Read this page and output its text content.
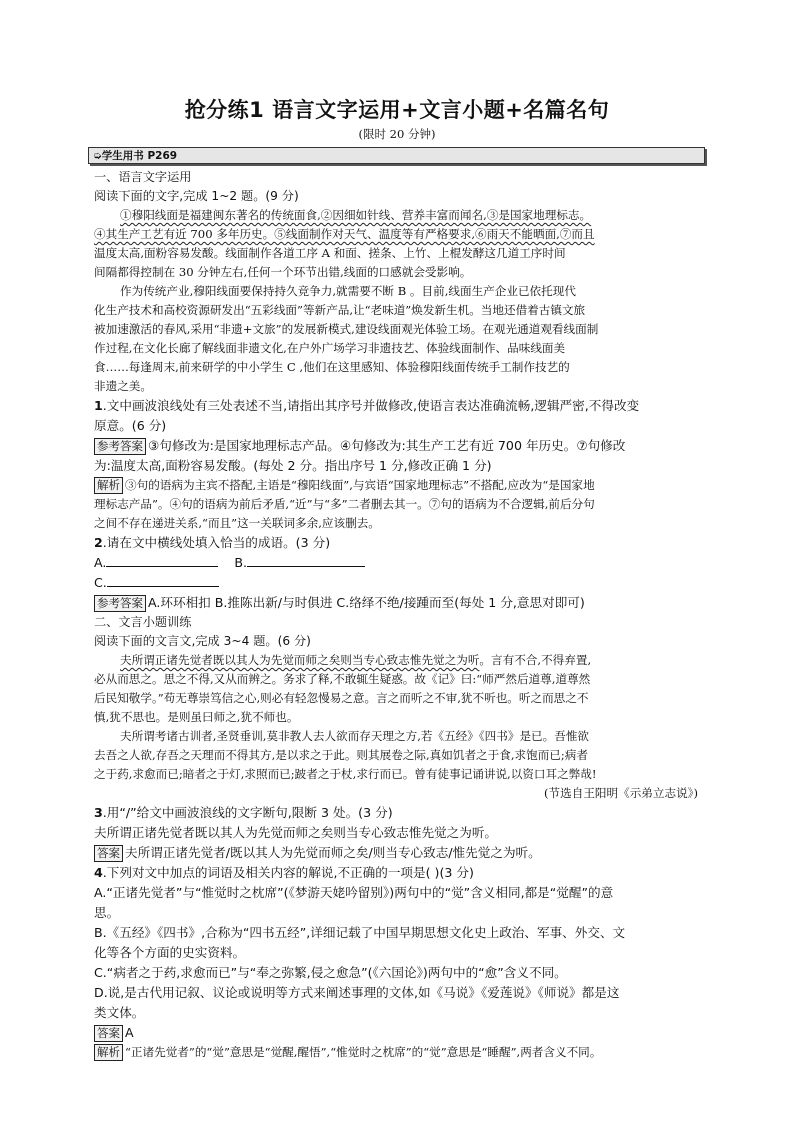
抢分练1 语言文字运用+文言小题+名篇名句
(限时 20 分钟)
➭学生用书 P269
一、语言文字运用
阅读下面的文字,完成 1~2 题。(9 分)
①穆阳线面是福建闽东著名的传统面食,②因细如针线、营养丰富而闻名,③是国家地理标志。
④其生产工艺有近 700 多年历史。⑤线面制作对天气、温度等有严格要求,⑥雨天不能晒面,⑦而且
温度太高,面粉容易发酸。线面制作各道工序 A 和面、搓条、上竹、上棍发酵这几道工序时间
间隔都得控制在 30 分钟左右,任何一个环节出错,线面的口感就会受影响。
作为传统产业,穆阳线面要保持持久竞争力,就需要不断 B 。目前,线面生产企业已依托现代
化生产技术和高校资源研发出“五彩线面”等新产品,让“老味道”焕发新生机。当地还借着古镇文旅
被加速激活的春风,采用“非遗+文旅”的发展新模式,建设线面观光体验工场。在观光通道观看线面制
作过程,在文化长廊了解线面非遗文化,在户外广场学习非遗技艺、体验线面制作、品味线面美
食……每逢周末,前来研学的中小学生 C ,他们在这里感知、体验穆阳线面传统手工制作技艺的
非遗之美。
1.文中画波浪线处有三处表述不当,请指出其序号并做修改,使语言表达准确流畅,逻辑严密,不得改变
原意。(6 分)
参考答案 ③句修改为:是国家地理标志产品。④句修改为:其生产工艺有近 700 年历史。⑦句修改
为:温度太高,面粉容易发酸。(每处 2 分。指出序号 1 分,修改正确 1 分)
解析 ③句的语病为主宾不搭配,主语是“穆阳线面”,与宾语“国家地理标志”不搭配,应改为“是国家地
理标志产品”。④句的语病为前后矛盾,“近”与“多”二者删去其一。⑦句的语病为不合逻辑,前后分句
之间不存在递进关系,“而且”这一关联词多余,应该删去。
2.请在文中横线处填入恰当的成语。(3 分)
A.	B.
C.
参考答案 A.环环相扣 B.推陈出新/与时俱进 C.络绎不绝/接踵而至(每处 1 分,意思对即可)
二、文言小题训练
阅读下面的文言文,完成 3~4 题。(6 分)
夫所谓正诸先觉者既以其人为先觉而师之矣则当专心致志惟先觉之为听。言有不合,不得弃置,
必从而思之。思之不得,又从而辨之。务求了释,不敢辄生疑惑。故《记》曰:“师严然后道尊,道尊然
后民知敬学。”苟无尊崇笃信之心,则必有轻忽慢易之意。言之而听之不审,犹不听也。听之而思之不
慎,犹不思也。是则虽曰师之,犹不师也。
夫所谓考诸古训者,圣贤垂训,莫非教人去人欲而存天理之方,若《五经》《四书》是已。吾惟欲
去吾之人欲,存吾之天理而不得其方,是以求之于此。则其展卷之际,真如饥者之于食,求饱而已;病者
之于药,求愈而已;暗者之于灯,求照而已;跛者之于杖,求行而已。曾有徒事记诵讲说,以资口耳之弊哉!
(节选自王阳明《示弟立志说》)
3.用“/”给文中画波浪线的文字断句,限断 3 处。(3 分)
夫所谓正诸先觉者既以其人为先觉而师之矣则当专心致志惟先觉之为听。
答案 夫所谓正诸先觉者/既以其人为先觉而师之矣/则当专心致志/惟先觉之为听。
4.下列对文中加点的词语及相关内容的解说,不正确的一项是( )(3 分)
A.“正诸先觉者”与“惟觉时之枕席”(《梦游天姥吟留别》)两句中的“觉”含义相同,都是“觉醒”的意
思。
B.《五经》《四书》,合称为“四书五经”,详细记载了中国早期思想文化史上政治、军事、外交、文
化等各个方面的史实资料。
C.“病者之于药,求愈而已”与“奉之弥繁,侵之愈急”(《六国论》)两句中的“愈”含义不同。
D.说,是古代用记叙、议论或说明等方式来阐述事理的文体,如《马说》《爱莲说》《师说》都是这
类文体。
答案 A
解析 “正诸先觉者”的“觉”意思是“觉醒,醒悟”,“惟觉时之枕席”的“觉”意思是“睡醒”,两者含义不同。
